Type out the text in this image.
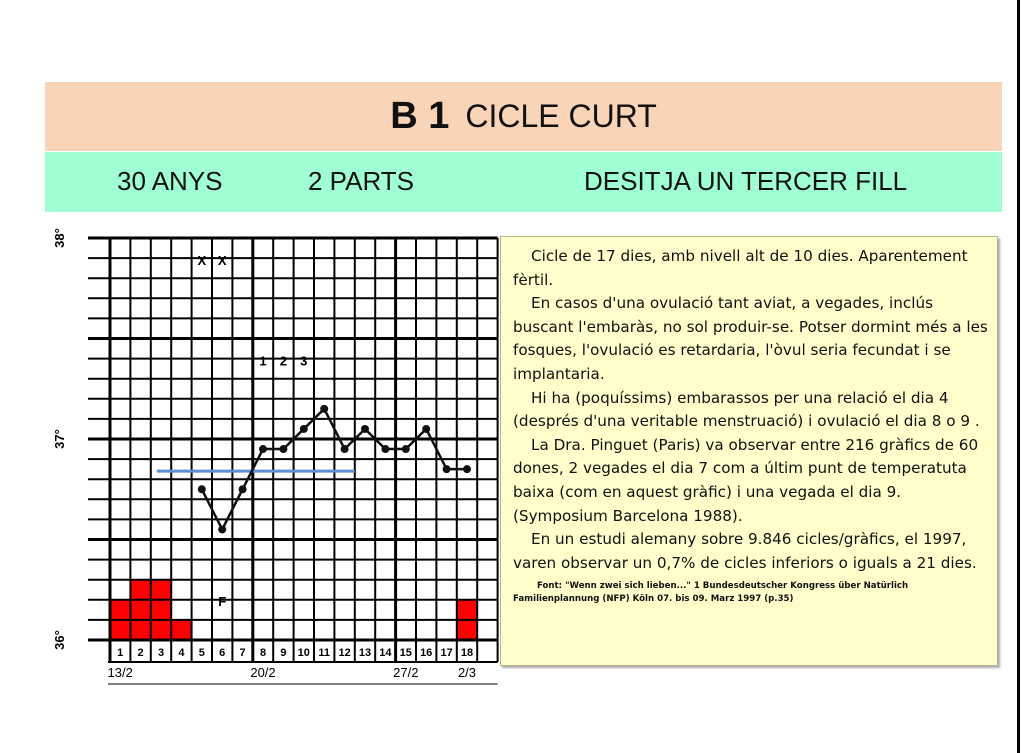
B 1 CICLE CURT
30 ANYS	2 PARTS	DESITJA UN TERCER FILL
36°
37°
38°
1 2 3 4 5 6 7 8 9 10 11 12 13 14 15 16 17 18
13/2	20/2	27/2	2/3
1 2 3
X X
F

Cicle de 17 dies, amb nivell alt de 10 dies. Aparentement fèrtil.

En casos d'una ovulació tant aviat, a vegades, inclús buscant l'embaràs, no sol produir-se. Potser dormint més a les fosques, l'ovulació es retardaria, l'òvul seria fecundat i se implantaria.

Hi ha (poquíssims) embarassos per una relació el dia 4 (després d'una veritable menstruació) i ovulació el dia 8 o 9 .

La Dra. Pinguet (Paris) va observar entre 216 gràfics de 60 dones, 2 vegades el dia 7 com a últim punt de temperatuta baixa (com en aquest gràfic) i una vegada el dia 9. (Symposium Barcelona 1988).

En un estudi alemany sobre 9.846 cicles/gràfics, el 1997, varen observar un 0,7% de cicles inferiors o iguals a 21 dies.

Font: "Wenn zwei sich lieben..." 1 Bundesdeutscher Kongress über Natürlich Familienplannung (NFP) Köln 07. bis 09. Marz 1997 (p.35)
